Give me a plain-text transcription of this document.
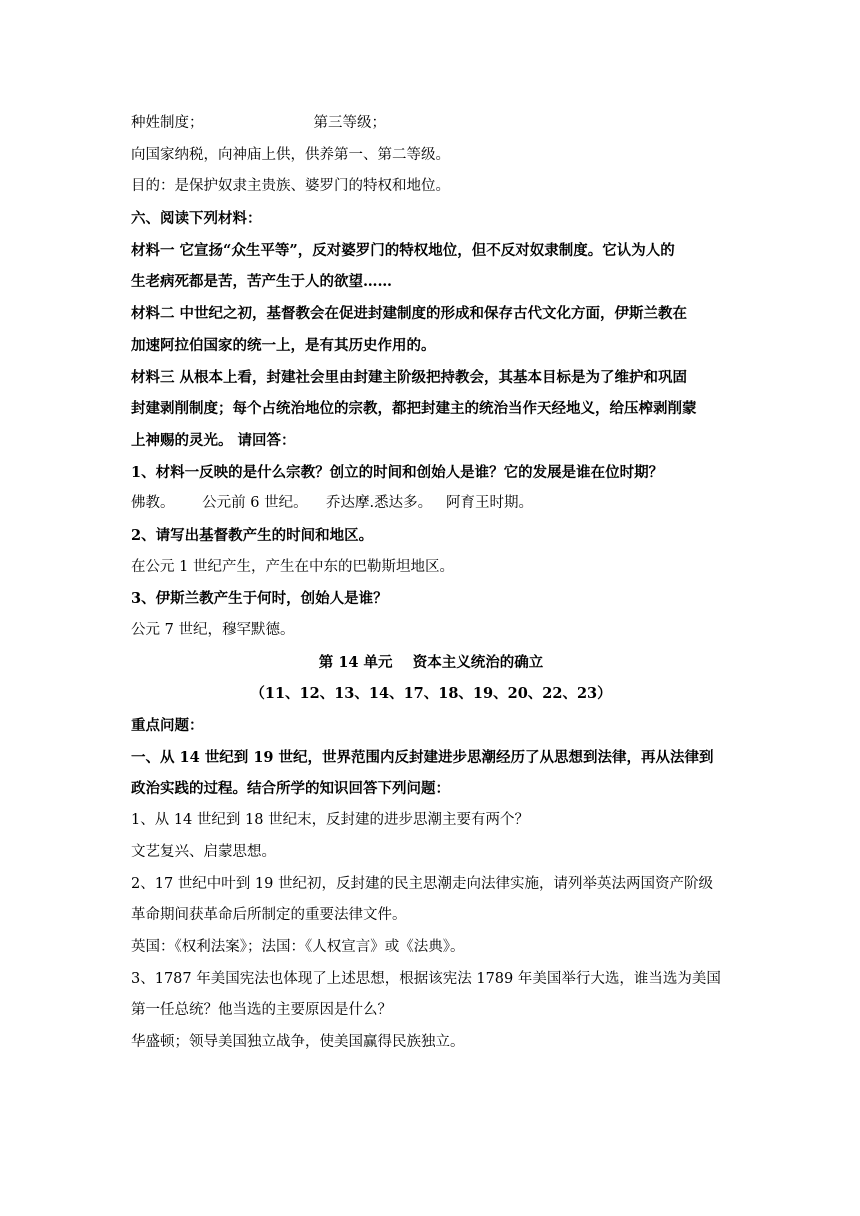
种姓制度；	第三等级；
向国家纳税，向神庙上供，供养第一、第二等级。
目的：是保护奴隶主贵族、婆罗门的特权和地位。
六、阅读下列材料：
材料一 它宣扬“众生平等”，反对婆罗门的特权地位，但不反对奴隶制度。它认为人的
生老病死都是苦，苦产生于人的欲望……
材料二 中世纪之初，基督教会在促进封建制度的形成和保存古代文化方面，伊斯兰教在
加速阿拉伯国家的统一上，是有其历史作用的。
材料三 从根本上看，封建社会里由封建主阶级把持教会，其基本目标是为了维护和巩固
封建剥削制度；每个占统治地位的宗教，都把封建主的统治当作天经地义，给压榨剥削蒙
上神赐的灵光。 请回答：
1、材料一反映的是什么宗教？创立的时间和创始人是谁？它的发展是谁在位时期？
佛教。      公元前 6 世纪。    乔达摩.悉达多。   阿育王时期。
2、请写出基督教产生的时间和地区。
在公元 1 世纪产生，产生在中东的巴勒斯坦地区。
3、伊斯兰教产生于何时，创始人是谁？
公元 7 世纪，穆罕默德。
第 14 单元    资本主义统治的确立
（11、12、13、14、17、18、19、20、22、23）
重点问题：
一、从 14 世纪到 19 世纪，世界范围内反封建进步思潮经历了从思想到法律，再从法律到
政治实践的过程。结合所学的知识回答下列问题：
1、从 14 世纪到 18 世纪末，反封建的进步思潮主要有两个？
文艺复兴、启蒙思想。
2、17 世纪中叶到 19 世纪初，反封建的民主思潮走向法律实施，请列举英法两国资产阶级
革命期间获革命后所制定的重要法律文件。
英国：《权利法案》；法国：《人权宣言》或《法典》。
3、1787 年美国宪法也体现了上述思想，根据该宪法 1789 年美国举行大选，谁当选为美国
第一任总统？他当选的主要原因是什么？
华盛顿；领导美国独立战争，使美国赢得民族独立。
